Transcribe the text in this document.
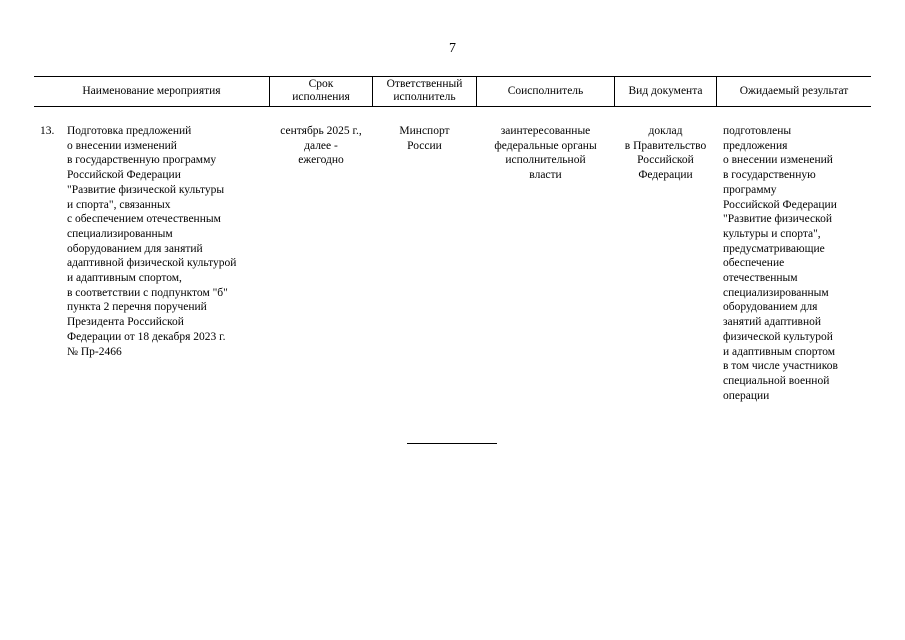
7
Наименование мероприятия
Срок
исполнения
Ответственный
исполнитель
Соисполнитель	Вид документа	Ожидаемый результат
13. Подготовка предложений
о внесении изменений
в государственную программу
Российской Федерации
"Развитие физической культуры
и спорта", связанных
с обеспечением отечественным
специализированным
оборудованием для занятий
адаптивной физической культурой
и адаптивным спортом,
в соответствии с подпунктом "б"
пункта 2 перечня поручений
Президента Российской
Федерации от 18 декабря 2023 г.
№ Пр-2466
сентябрь 2025 г.,
далее -
ежегодно
Минспорт
России
заинтересованные
федеральные органы
исполнительной
власти
доклад
в Правительство
Российской
Федерации
подготовлены
предложения
о внесении изменений
в государственную
программу
Российской Федерации
"Развитие физической
культуры и спорта",
предусматривающие
обеспечение
отечественным
специализированным
оборудованием для
занятий адаптивной
физической культурой
и адаптивным спортом
в том числе участников
специальной военной
операции
